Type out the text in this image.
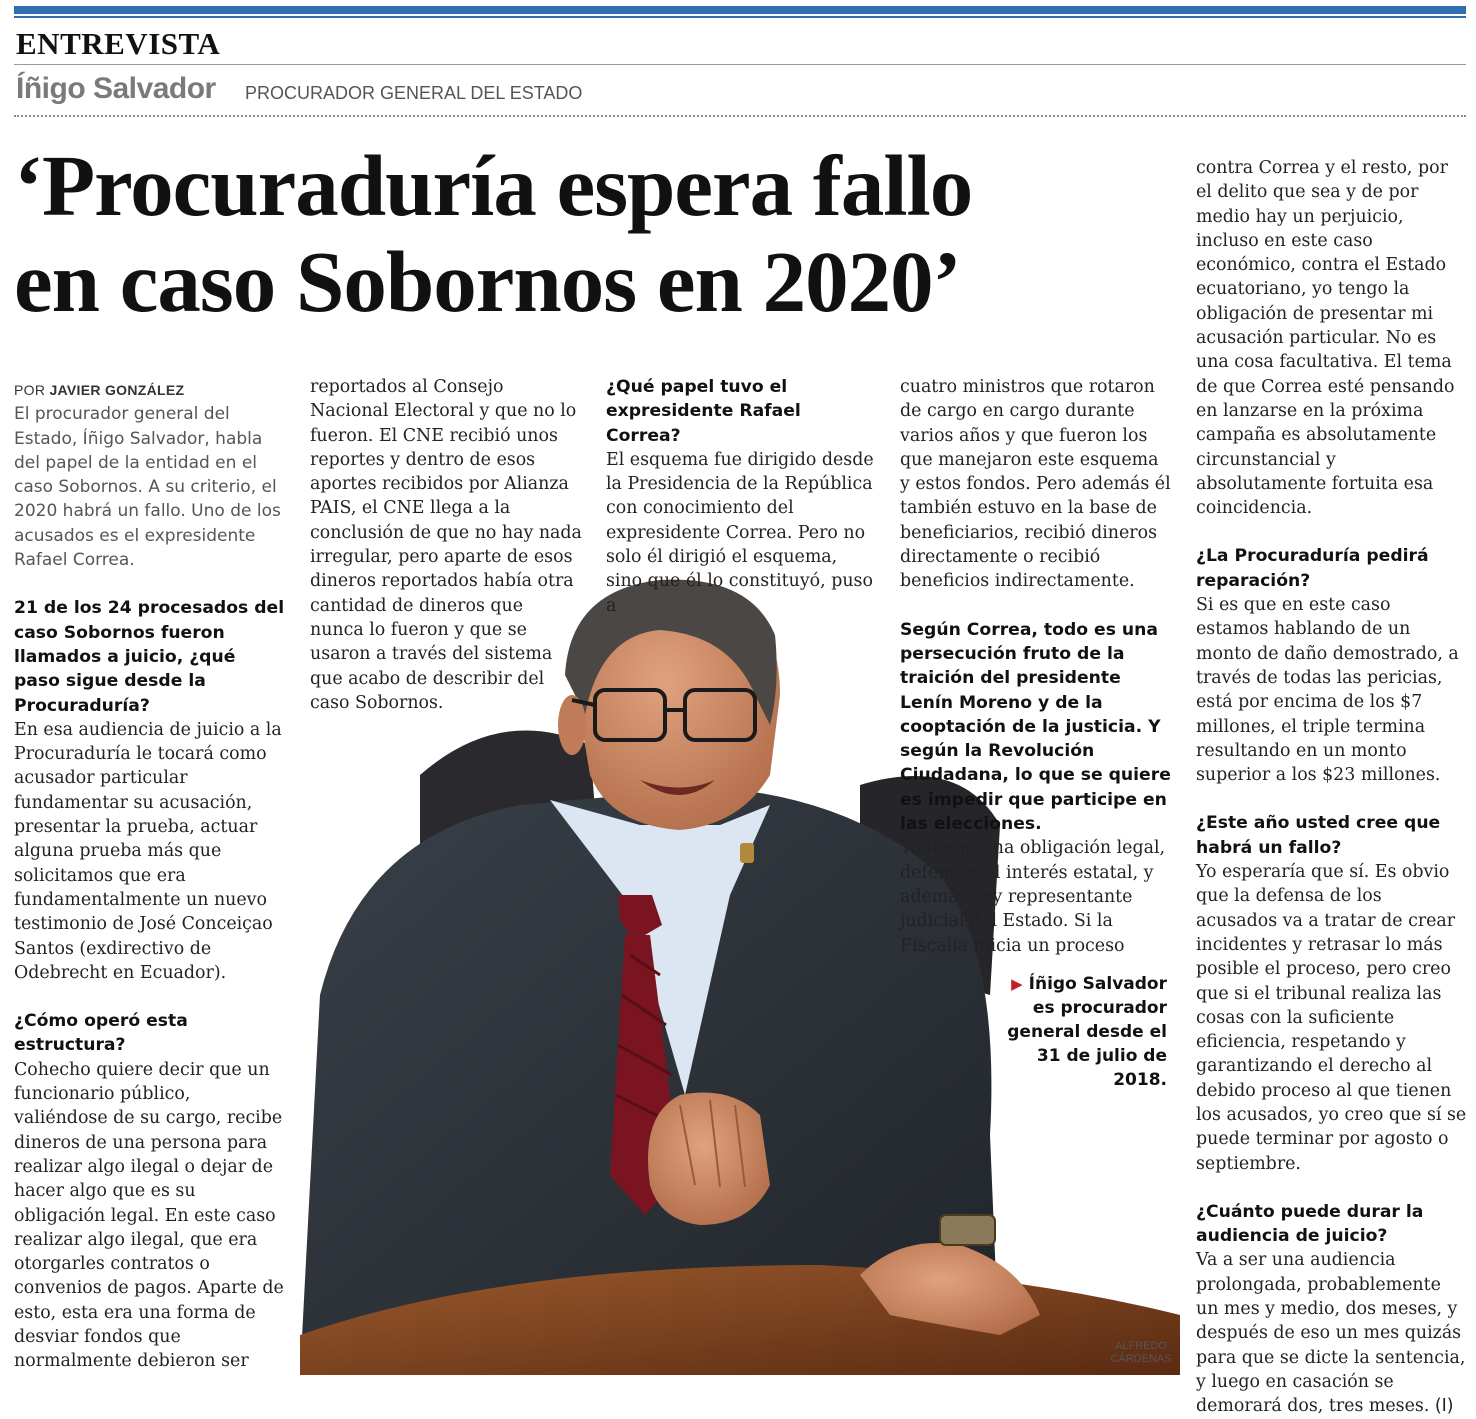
ENTREVISTA
Íñigo Salvador PROCURADOR GENERAL DEL ESTADO
‘Procuraduría espera fallo
en caso Sobornos en 2020’

POR JAVIER GONZÁLEZ

El procurador general del Estado, Íñigo Salvador, habla del papel de la entidad en el caso Sobornos. A su criterio, el 2020 habrá un fallo. Uno de los acusados es el expresidente Rafael Correa.

21 de los 24 procesados del caso Sobornos fueron llamados a juicio, ¿qué paso sigue desde la Procuraduría?

En esa audiencia de juicio a la Procuraduría le tocará como acusador particular fundamentar su acusación, presentar la prueba, actuar alguna prueba más que solicitamos que era fundamentalmente un nuevo testimonio de José Conceiçao Santos (exdirectivo de Odebrecht en Ecuador).

¿Cómo operó esta estructura?

Cohecho quiere decir que un funcionario público, valiéndose de su cargo, recibe dineros de una persona para realizar algo ilegal o dejar de hacer algo que es su obligación legal. En este caso realizar algo ilegal, que era otorgarles contratos o convenios de pagos. Aparte de esto, esta era una forma de desviar fondos que normalmente debieron ser

reportados al Consejo Nacional Electoral y que no lo fueron. El CNE recibió unos reportes y dentro de esos aportes recibidos por Alianza PAIS, el CNE llega a la conclusión de que no hay nada irregular, pero aparte de esos dineros reportados había otra cantidad de dineros que nunca lo fueron y que se usaron a través del sistema que acabo de describir del caso Sobornos.

¿Qué papel tuvo el expresidente Rafael Correa?

El esquema fue dirigido desde la Presidencia de la República con conocimiento del expresidente Correa. Pero no solo él dirigió el esquema, sino que él lo constituyó, puso a

cuatro ministros que rotaron de cargo en cargo durante varios años y que fueron los que manejaron este esquema y estos fondos. Pero además él también estuvo en la base de beneficiarios, recibió dineros directamente o recibió beneficios indirectamente.

Según Correa, todo es una persecución fruto de la traición del presidente Lenín Moreno y de la cooptación de la justicia. Y según la Revolución Ciudadana, lo que se quiere es impedir que participe en las elecciones.

Yo tengo una obligación legal, defender el interés estatal, y además soy representante judicial del Estado. Si la Fiscalía inicia un proceso

contra Correa y el resto, por el delito que sea y de por medio hay un perjuicio, incluso en este caso económico, contra el Estado ecuatoriano, yo tengo la obligación de presentar mi acusación particular. No es una cosa facultativa. El tema de que Correa esté pensando en lanzarse en la próxima campaña es absolutamente circunstancial y absolutamente fortuita esa coincidencia.

¿La Procuraduría pedirá reparación?

Si es que en este caso estamos hablando de un monto de daño demostrado, a través de todas las pericias, está por encima de los $7 millones, el triple termina resultando en un monto superior a los $23 millones.

¿Este año usted cree que habrá un fallo?

Yo esperaría que sí. Es obvio que la defensa de los acusados va a tratar de crear incidentes y retrasar lo más posible el proceso, pero creo que si el tribunal realiza las cosas con la suficiente eficiencia, respetando y garantizando el derecho al debido proceso al que tienen los acusados, yo creo que sí se puede terminar por agosto o septiembre.

¿Cuánto puede durar la audiencia de juicio?

Va a ser una audiencia prolongada, probablemente un mes y medio, dos meses, y después de eso un mes quizás para que se dicte la sentencia, y luego en casación se demorará dos, tres meses. (I)

▶ Íñigo Salvador es procurador general desde el 31 de julio de 2018.
ALFREDO
CÁRDENAS
